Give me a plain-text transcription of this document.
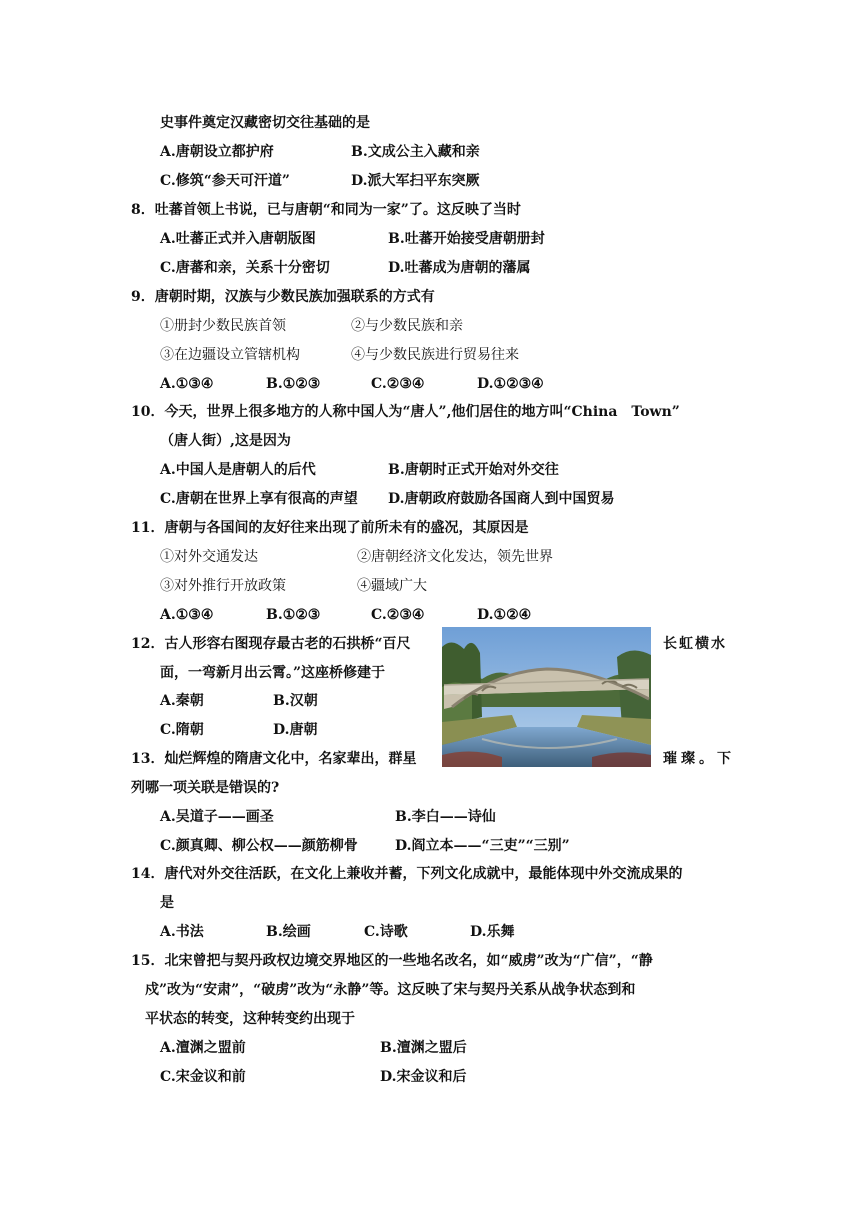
史事件奠定汉藏密切交往基础的是
A.唐朝设立都护府	B.文成公主入藏和亲
C.修筑“参天可汗道”	D.派大军扫平东突厥
8．吐蕃首领上书说，已与唐朝“和同为一家”了。这反映了当时
A.吐蕃正式并入唐朝版图	B.吐蕃开始接受唐朝册封
C.唐蕃和亲，关系十分密切	D.吐蕃成为唐朝的藩属
9．唐朝时期，汉族与少数民族加强联系的方式有
①册封少数民族首领	②与少数民族和亲
③在边疆设立管辖机构	④与少数民族进行贸易往来
A.①③④	B.①②③	C.②③④	D.①②③④
10．今天，世界上很多地方的人称中国人为“唐人”,他们居住的地方叫“China　Town”
（唐人街）,这是因为
A.中国人是唐朝人的后代	B.唐朝时正式开始对外交往
C.唐朝在世界上享有很高的声望 D.唐朝政府鼓励各国商人到中国贸易
11．唐朝与各国间的友好往来出现了前所未有的盛况，其原因是
①对外交通发达	②唐朝经济文化发达，领先世界
③对外推行开放政策	④疆域广大
A.①③④	B.①②③	C.②③④	D.①②④
12．古人形容右图现存最古老的石拱桥“百尺	长虹横水
面，一弯新月出云霄。”这座桥修建于
A.秦朝	B.汉朝
C.隋朝	D.唐朝
13．灿烂辉煌的隋唐文化中，名家辈出，群星	璀璨。下
列哪一项关联是错误的?
A.吴道子——画圣	B.李白——诗仙
C.颜真卿、柳公权——颜筋柳骨	D.阎立本——“三吏”“三别”
14．唐代对外交往活跃，在文化上兼收并蓄，下列文化成就中，最能体现中外交流成果的
是
A.书法	B.绘画	C.诗歌	D.乐舞
15．北宋曾把与契丹政权边境交界地区的一些地名改名，如“威虏”改为“广信”，“静
戍”改为“安肃”，“破虏”改为“永静”等。这反映了宋与契丹关系从战争状态到和
平状态的转变，这种转变约出现于
A.澶渊之盟前	B.澶渊之盟后
C.宋金议和前	D.宋金议和后
